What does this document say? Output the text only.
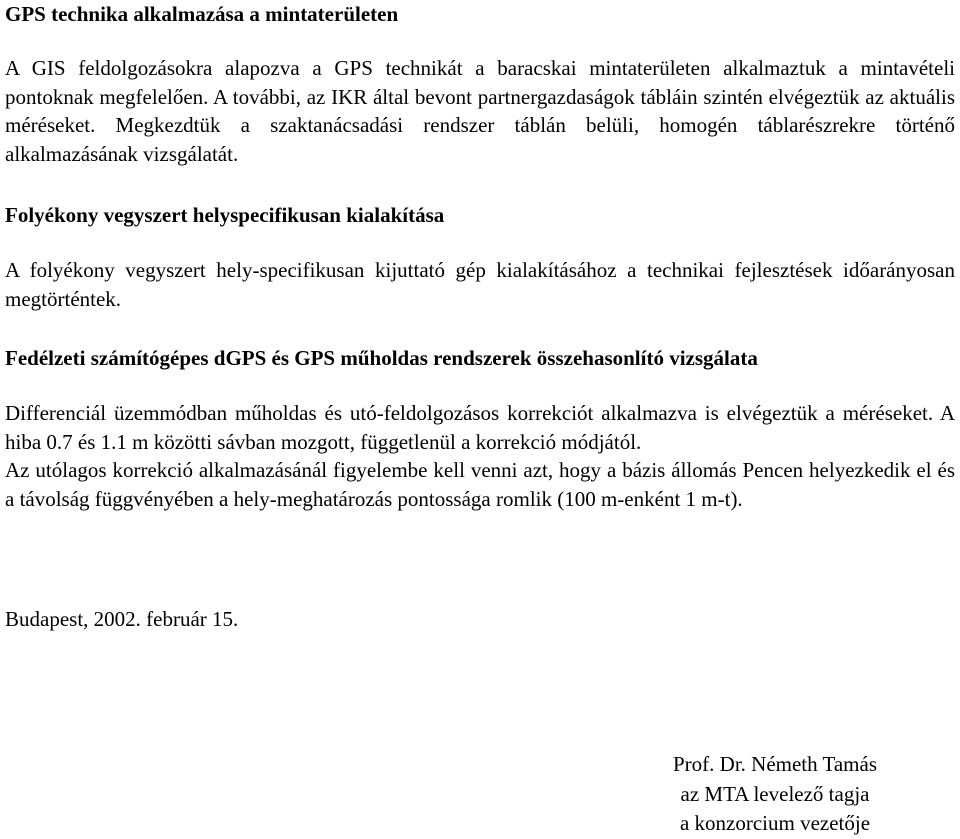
GPS technika alkalmazása a mintaterületen

A GIS feldolgozásokra alapozva a GPS technikát a baracskai mintaterületen alkalmaztuk a mintavételi pontoknak megfelelően. A további, az IKR által bevont partnergazdaságok tábláin szintén elvégeztük az aktuális méréseket. Megkezdtük a szaktanácsadási rendszer táblán belüli, homogén táblarészrekre történő alkalmazásának vizsgálatát.

Folyékony vegyszert helyspecifikusan kialakítása

A folyékony vegyszert hely-specifikusan kijuttató gép kialakításához a technikai fejlesztések időarányosan megtörténtek.

Fedélzeti számítógépes dGPS és GPS műholdas rendszerek összehasonlító vizsgálata

Differenciál üzemmódban műholdas és utó-feldolgozásos korrekciót alkalmazva is elvégeztük a méréseket. A hiba 0.7 és 1.1 m közötti sávban mozgott, függetlenül a korrekció módjától.

Az utólagos korrekció alkalmazásánál figyelembe kell venni azt, hogy a bázis állomás Pencen helyezkedik el és a távolság függvényében a hely-meghatározás pontossága romlik (100 m-enként 1 m-t).

Budapest, 2002. február 15.

Prof. Dr. Németh Tamás
az MTA levelező tagja
a konzorcium vezetője
